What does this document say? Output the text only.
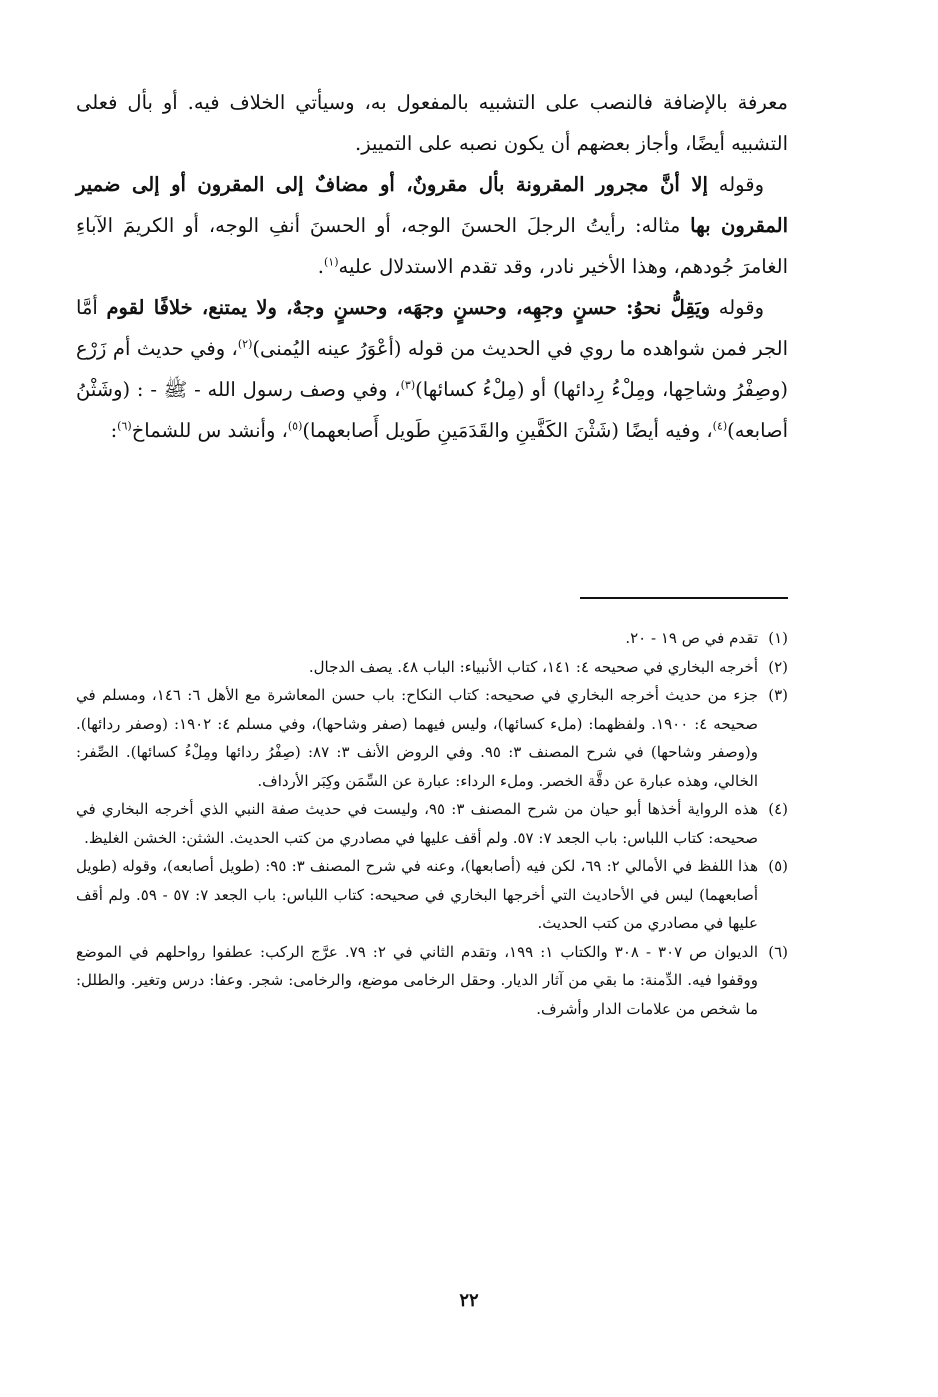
معرفة بالإضافة فالنصب على التشبيه بالمفعول به، وسيأتي الخلاف فيه. أو بأل فعلى التشبيه أيضًا، وأجاز بعضهم أن يكون نصبه على التمييز.

وقوله إلا أنَّ مجرور المقرونة بأل مقرونٌ، أو مضافٌ إلى المقرون أو إلى ضمير المقرون بها مثاله: رأيتُ الرجلَ الحسنَ الوجه، أو الحسنَ أنفِ الوجه، أو الكريمَ الآباءِ الغامرَ جُودهم، وهذا الأخير نادر، وقد تقدم الاستدلال عليه$^{(١)}$.

وقوله ويَقِلُّ نحوُ: حسنٍ وجهِه، وحسنٍ وجهَه، وحسنٍ وجهٌ، ولا يمتنع، خلافًا لقوم أمَّا الجر فمن شواهده ما روي في الحديث من قوله (أعْوَرُ عينه اليُمنى)$^{(٢)}$، وفي حديث أم زَرْع (وصِفْرُ وشاحِها، ومِلْءُ رِدائها) أو (مِلْءُ كسائها)$^{(٣)}$، وفي وصف رسول الله - ﷺ - : (وشَثْنُ أصابعه)$^{(٤)}$، وفيه أيضًا (شَثْنَ الكَفَّينِ والقَدَمَينِ طَويل أَصابعهما)$^{(٥)}$، وأنشد س للشماخ$^{(٦)}$:

(١)
تقدم في ص ١٩ - ٢٠.
(٢)
أخرجه البخاري في صحيحه ٤: ١٤١، كتاب الأنبياء: الباب ٤٨. يصف الدجال.
(٣)
جزء من حديث أخرجه البخاري في صحيحه: كتاب النكاح: باب حسن المعاشرة مع الأهل ٦: ١٤٦، ومسلم في صحيحه ٤: ١٩٠٠. ولفظهما: (ملء كسائها)، وليس فيهما (صفر وشاحها)، وفي مسلم ٤: ١٩٠٢: (وصفر ردائها). و(وصفر وشاحها) في شرح المصنف ٣: ٩٥. وفي الروض الأنف ٣: ٨٧: (صِفْرُ ردائها ومِلْءُ كسائها). الصِّفر: الخالي، وهذه عبارة عن دقَّة الخصر. وملء الرداء: عبارة عن السِّمَن وكِبَر الأرداف.
(٤)
هذه الرواية أخذها أبو حيان من شرح المصنف ٣: ٩٥، وليست في حديث صفة النبي الذي أخرجه البخاري في صحيحه: كتاب اللباس: باب الجعد ٧: ٥٧. ولم أقف عليها في مصادري من كتب الحديث. الشثن: الخشن الغليظ.
(٥)
هذا اللفظ في الأمالي ٢: ٦٩، لكن فيه (أصابعها)، وعنه في شرح المصنف ٣: ٩٥: (طويل أصابعه)، وقوله (طويل أصابعهما) ليس في الأحاديث التي أخرجها البخاري في صحيحه: كتاب اللباس: باب الجعد ٧: ٥٧ - ٥٩. ولم أقف عليها في مصادري من كتب الحديث.
(٦)
الديوان ص ٣٠٧ - ٣٠٨ والكتاب ١: ١٩٩، وتقدم الثاني في ٢: ٧٩. عرَّج الركب: عطفوا رواحلهم في الموضع ووقفوا فيه. الدِّمنة: ما بقي من آثار الديار. وحقل الرخامى موضع، والرخامى: شجر. وعفا: درس وتغير. والطلل: ما شخص من علامات الدار وأشرف.
٢٢
